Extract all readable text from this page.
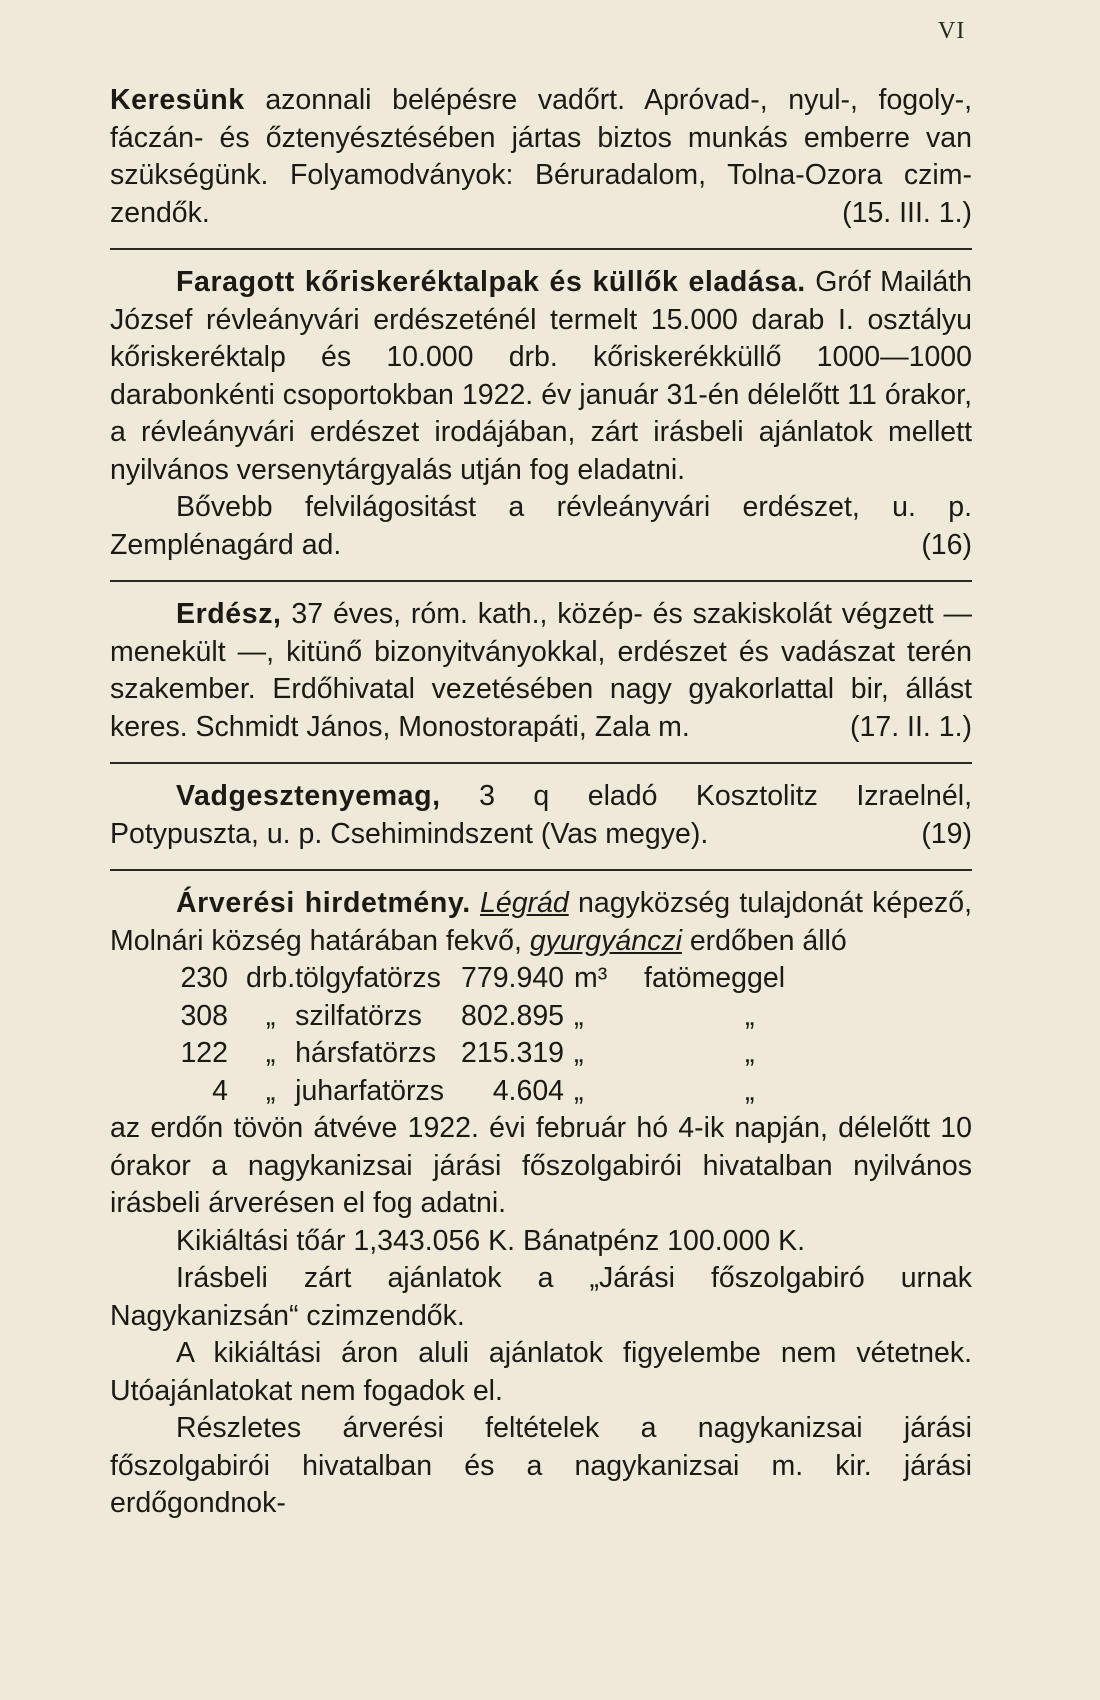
VI

Keresünk azonnali belépésre vadőrt. Apróvad-, nyul-, fogoly-, fáczán- és őztenyésztésében jártas biztos munkás emberre van szükségünk. Folyamodványok: Béruradalom, Tolna-Ozora czim-zendők.	(15. III. 1.)

Faragott kőriskeréktalpak és küllők eladása. Gróf Mailáth József révleányvári erdészeténél termelt 15.000 darab I. osztályu kőriskeréktalp és 10.000 drb. kőriskerékküllő 1000—1000 darabonkénti csoportokban 1922. év január 31-én délelőtt 11 órakor, a révleányvári erdészet irodájában, zárt irásbeli ajánlatok mellett nyilvános versenytárgyalás utján fog eladatni.

Bővebb felvilágositást a révleányvári erdészet, u. p. Zemplénagárd ad.	(16)

Erdész, 37 éves, róm. kath., közép- és szakiskolát végzett — menekült —, kitünő bizonyitványokkal, erdészet és vadászat terén szakember. Erdőhivatal vezetésében nagy gyakorlattal bir, állást keres. Schmidt János, Monostorapáti, Zala m.	(17. II. 1.)

Vadgesztenyemag, 3 q eladó Kosztolitz Izraelnél, Potypuszta, u. p. Csehimindszent (Vas megye).	(19)

Árverési hirdetmény. Légrád nagyközség tulajdonát képező, Molnári község határában fekvő, gyurgyánczi erdőben álló

230	drb.	tölgyfatörzs	779.940	m³	fatömeggel	
308	„	szilfatörzs	802.895	„		„
122	„	hársfatörzs	215.319	„		„
4	„	juharfatörzs	4.604	„		„

az erdőn tövön átvéve 1922. évi február hó 4-ik napján, délelőtt 10 órakor a nagykanizsai járási főszolgabirói hivatalban nyilvános irásbeli árverésen el fog adatni.

Kikiáltási tőár 1,343.056 K. Bánatpénz 100.000 K.

Irásbeli zárt ajánlatok a „Járási főszolgabiró urnak Nagykanizsán“ czimzendők.

A kikiáltási áron aluli ajánlatok figyelembe nem vétetnek. Utóajánlatokat nem fogadok el.

Részletes árverési feltételek a nagykanizsai járási főszolgabirói hivatalban és a nagykanizsai m. kir. járási erdőgondnok-
